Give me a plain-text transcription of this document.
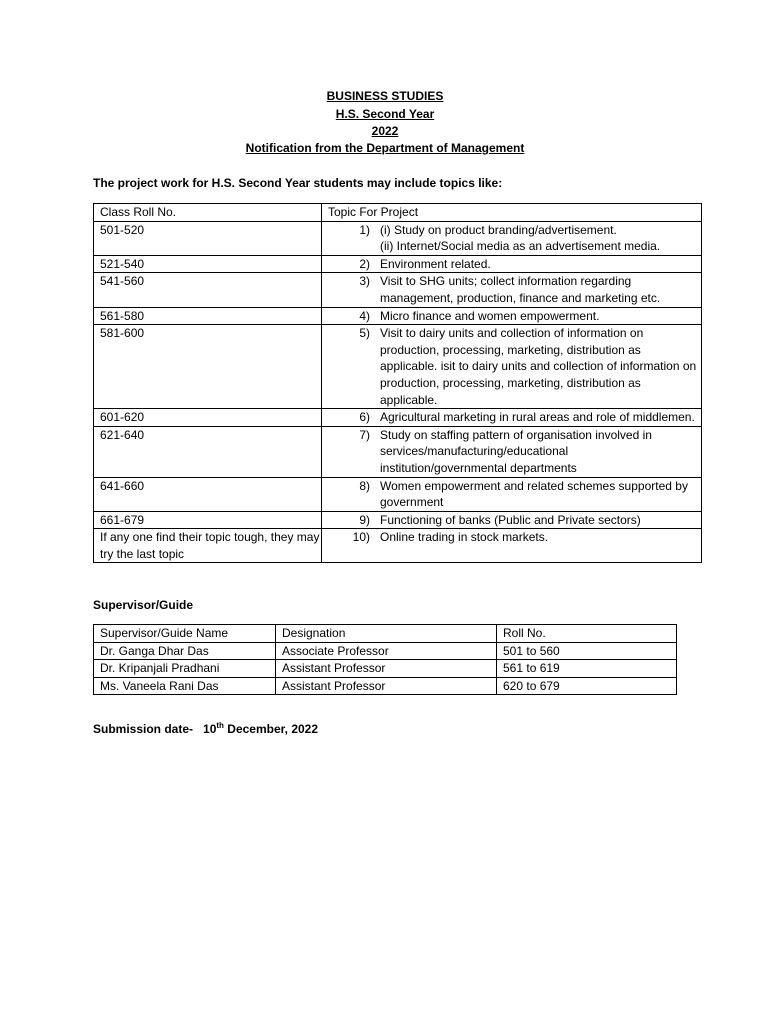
BUSINESS STUDIES
H.S. Second Year
2022
Notification from the Department of Management
The project work for H.S. Second Year students may include topics like:
Class Roll No.	Topic For Project
501-520	1) (i) Study on product branding/advertisement.
(ii) Internet/Social media as an advertisement media.
521-540	2) Environment related.
541-560	3) Visit to SHG units; collect information regarding management, production, finance and marketing etc.
561-580	4) Micro finance and women empowerment.
581-600	5) Visit to dairy units and collection of information on production, processing, marketing, distribution as applicable. isit to dairy units and collection of information on production, processing, marketing, distribution as applicable.
601-620	6) Agricultural marketing in rural areas and role of middlemen.
621-640	7) Study on staffing pattern of organisation involved in services/manufacturing/educational institution/governmental departments
641-660	8) Women empowerment and related schemes supported by government
661-679	9) Functioning of banks (Public and Private sectors)
If any one find their topic tough, they may try the last topic	10) Online trading in stock markets.
Supervisor/Guide
Supervisor/Guide Name	Designation	Roll No.
Dr. Ganga Dhar Das	Associate Professor	501 to 560
Dr. Kripanjali Pradhani	Assistant Professor	561 to 619
Ms. Vaneela Rani Das	Assistant Professor	620 to 679
Submission date- 10th December, 2022
